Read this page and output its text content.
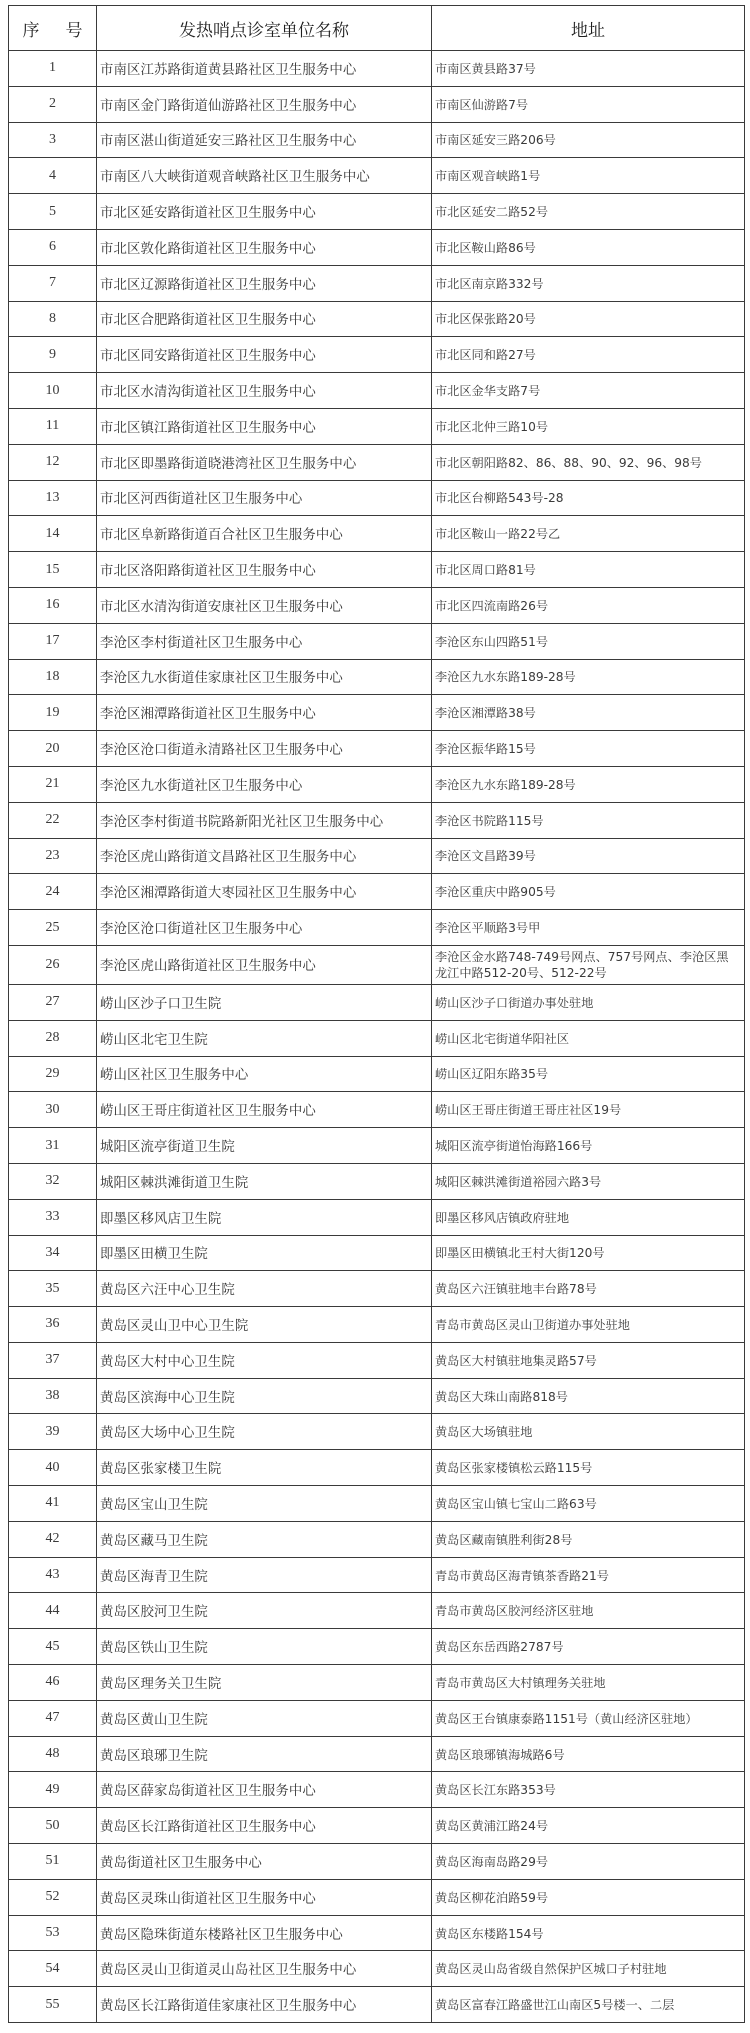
序 号	发热哨点诊室单位名称	地址
1	市南区江苏路街道黄县路社区卫生服务中心	市南区黄县路37号
2	市南区金门路街道仙游路社区卫生服务中心	市南区仙游路7号
3	市南区湛山街道延安三路社区卫生服务中心	市南区延安三路206号
4	市南区八大峡街道观音峡路社区卫生服务中心	市南区观音峡路1号
5	市北区延安路街道社区卫生服务中心	市北区延安二路52号
6	市北区敦化路街道社区卫生服务中心	市北区鞍山路86号
7	市北区辽源路街道社区卫生服务中心	市北区南京路332号
8	市北区合肥路街道社区卫生服务中心	市北区保张路20号
9	市北区同安路街道社区卫生服务中心	市北区同和路27号
10	市北区水清沟街道社区卫生服务中心	市北区金华支路7号
11	市北区镇江路街道社区卫生服务中心	市北区北仲三路10号
12	市北区即墨路街道晓港湾社区卫生服务中心	市北区朝阳路82、86、88、90、92、96、98号
13	市北区河西街道社区卫生服务中心	市北区台柳路543号-28
14	市北区阜新路街道百合社区卫生服务中心	市北区鞍山一路22号乙
15	市北区洛阳路街道社区卫生服务中心	市北区周口路81号
16	市北区水清沟街道安康社区卫生服务中心	市北区四流南路26号
17	李沧区李村街道社区卫生服务中心	李沧区东山四路51号
18	李沧区九水街道佳家康社区卫生服务中心	李沧区九水东路189-28号
19	李沧区湘潭路街道社区卫生服务中心	李沧区湘潭路38号
20	李沧区沧口街道永清路社区卫生服务中心	李沧区振华路15号
21	李沧区九水街道社区卫生服务中心	李沧区九水东路189-28号
22	李沧区李村街道书院路新阳光社区卫生服务中心	李沧区书院路115号
23	李沧区虎山路街道文昌路社区卫生服务中心	李沧区文昌路39号
24	李沧区湘潭路街道大枣园社区卫生服务中心	李沧区重庆中路905号
25	李沧区沧口街道社区卫生服务中心	李沧区平顺路3号甲
26	李沧区虎山路街道社区卫生服务中心	李沧区金水路748-749号网点、757号网点、李沧区黑龙江中路512-20号、512-22号
27	崂山区沙子口卫生院	崂山区沙子口街道办事处驻地
28	崂山区北宅卫生院	崂山区北宅街道华阳社区
29	崂山区社区卫生服务中心	崂山区辽阳东路35号
30	崂山区王哥庄街道社区卫生服务中心	崂山区王哥庄街道王哥庄社区19号
31	城阳区流亭街道卫生院	城阳区流亭街道怡海路166号
32	城阳区棘洪滩街道卫生院	城阳区棘洪滩街道裕园六路3号
33	即墨区移风店卫生院	即墨区移风店镇政府驻地
34	即墨区田横卫生院	即墨区田横镇北王村大街120号
35	黄岛区六汪中心卫生院	黄岛区六汪镇驻地丰台路78号
36	黄岛区灵山卫中心卫生院	青岛市黄岛区灵山卫街道办事处驻地
37	黄岛区大村中心卫生院	黄岛区大村镇驻地集灵路57号
38	黄岛区滨海中心卫生院	黄岛区大珠山南路818号
39	黄岛区大场中心卫生院	黄岛区大场镇驻地
40	黄岛区张家楼卫生院	黄岛区张家楼镇松云路115号
41	黄岛区宝山卫生院	黄岛区宝山镇七宝山二路63号
42	黄岛区藏马卫生院	黄岛区藏南镇胜利街28号
43	黄岛区海青卫生院	青岛市黄岛区海青镇茶香路21号
44	黄岛区胶河卫生院	青岛市黄岛区胶河经济区驻地
45	黄岛区铁山卫生院	黄岛区东岳西路2787号
46	黄岛区理务关卫生院	青岛市黄岛区大村镇理务关驻地
47	黄岛区黄山卫生院	黄岛区王台镇康泰路1151号（黄山经济区驻地）
48	黄岛区琅琊卫生院	黄岛区琅琊镇海城路6号
49	黄岛区薛家岛街道社区卫生服务中心	黄岛区长江东路353号
50	黄岛区长江路街道社区卫生服务中心	黄岛区黄浦江路24号
51	黄岛街道社区卫生服务中心	黄岛区海南岛路29号
52	黄岛区灵珠山街道社区卫生服务中心	黄岛区柳花泊路59号
53	黄岛区隐珠街道东楼路社区卫生服务中心	黄岛区东楼路154号
54	黄岛区灵山卫街道灵山岛社区卫生服务中心	黄岛区灵山岛省级自然保护区城口子村驻地
55	黄岛区长江路街道佳家康社区卫生服务中心	黄岛区富春江路盛世江山南区5号楼一、二层
